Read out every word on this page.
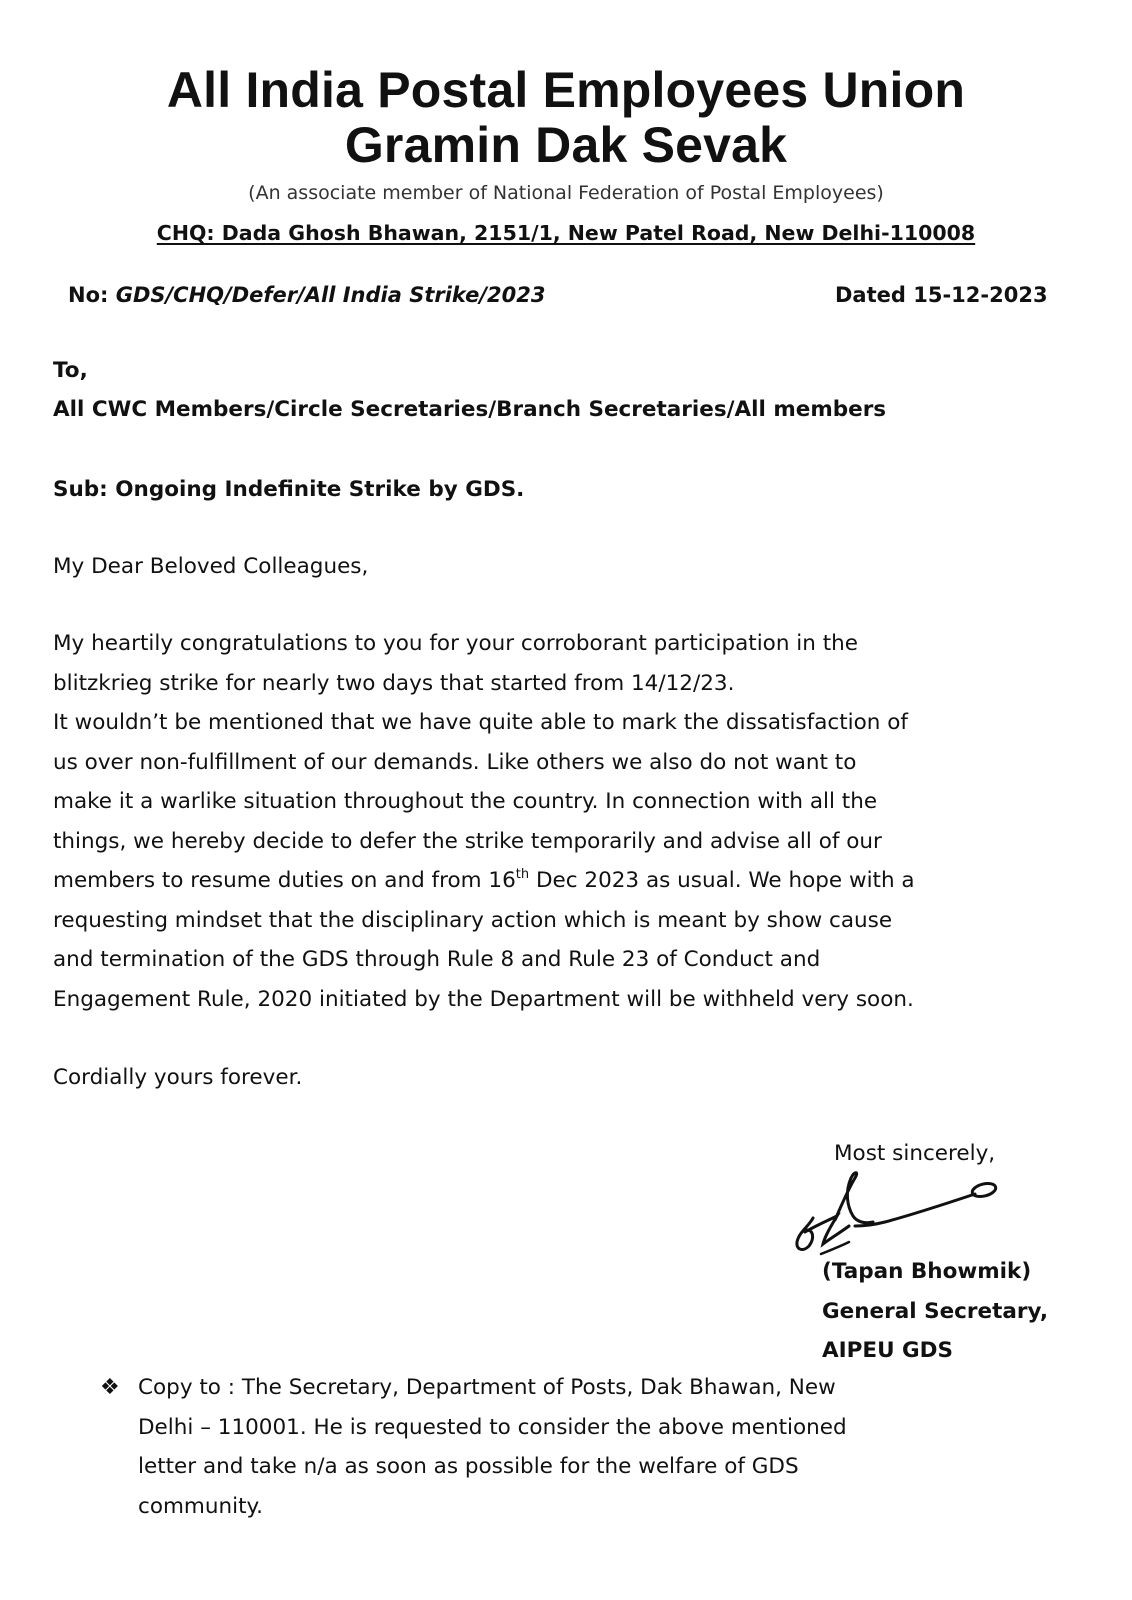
All India Postal Employees Union
Gramin Dak Sevak
(An associate member of National Federation of Postal Employees)
CHQ: Dada Ghosh Bhawan, 2151/1, New Patel Road, New Delhi-110008
No: GDS/CHQ/Defer/All India Strike/2023	Dated 15-12-2023
To,
All CWC Members/Circle Secretaries/Branch Secretaries/All members
Sub: Ongoing Indefinite Strike by GDS.
My Dear Beloved Colleagues,
My heartily congratulations to you for your corroborant participation in the
blitzkrieg strike for nearly two days that started from 14/12/23.
It wouldn’t be mentioned that we have quite able to mark the dissatisfaction of
us over non-fulfillment of our demands. Like others we also do not want to
make it a warlike situation throughout the country. In connection with all the
things, we hereby decide to defer the strike temporarily and advise all of our
members to resume duties on and from 16th Dec 2023 as usual. We hope with a
requesting mindset that the disciplinary action which is meant by show cause
and termination of the GDS through Rule 8 and Rule 23 of Conduct and
Engagement Rule, 2020 initiated by the Department will be withheld very soon.
Cordially yours forever.
Most sincerely,
(Tapan Bhowmik)
General Secretary,
AIPEU GDS
❖ Copy to : The Secretary, Department of Posts, Dak Bhawan, New
Delhi – 110001. He is requested to consider the above mentioned
letter and take n/a as soon as possible for the welfare of GDS
community.
